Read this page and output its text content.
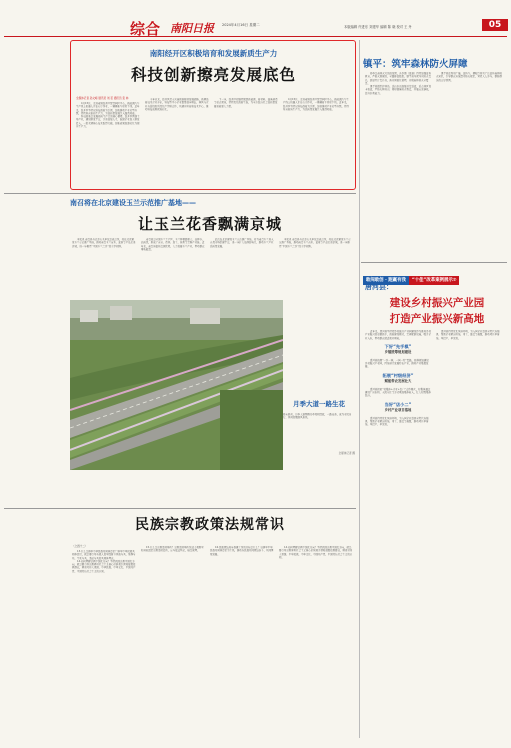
综合 南阳日报 2024年4月16日 星期二	本版编辑 许进东 刘建华 编辑 陈 晓 校对 王 丹	05
南阳经开区积极培育和发展新质生产力
科技创新擦亮发展底色
全媒体记者 孙文峰 通讯员 刘 若 通讯员 张 林

4月15日，走进南阳经开区智慧园区中心，新能源汽车生产线上机器人正在有序作业，一辆辆新车缓缓下线。近年来，经开区坚持以科技创新为引领，加快推动产业转型升级，持续培育新质生产力，为高质量发展注入强劲动能。

科技创新是发展新质生产力的核心要素。经开区围绕主导产业，建设研发平台，引进高端人才，鼓励企业加大研发投入，一批关键核心技术取得突破，创新成果加速转化为现实生产力。

今年以来，经开区深入实施创新驱动发展战略，新增高新技术企业多家，科技型中小企业数量稳步增长。园区内企业与高校院所深化产学研合作，共建实验室和技术中心，推动科技成果就地转化。

下一步，经开区将继续聚焦新能源、新材料、装备制造等重点领域，持续优化创新生态，为全市经济社会高质量发展贡献更大力量。

4月15日，走进南阳经开区智慧园区中心，新能源汽车生产线上机器人正在有序作业，一辆辆新车缓缓下线。近年来，经开区坚持以科技创新为引领，加快推动产业转型升级，持续培育新质生产力，为高质量发展注入强劲动能。

镇平：筑牢森林防火屏障

春季是森林火灾的高发期，各乡镇（街道）持续加强宣传教育，严格火源管控，全面排查隐患。镇平县压紧压实防火责任，层层签订责任书，落实网格化管理，实现森林防火全覆盖。

镇平县组织护林员、巡山队员加强日常巡查，重点林区设卡检查，严防火种进山；同时储备防火物资，开展应急演练，提升扑救能力。

镇平县还利用广播、宣传车、横幅等形式广泛宣传森林防火知识，引导群众自觉遵守防火规定，营造人人参与、群防群治的良好氛围。

南召将在北京建设玉兰示范推广基地——
让玉兰花香飘满京城

本报讯 南召县与北京有关单位达成合作，将在北京建设玉兰示范推广基地，推动南召玉兰苗木、盆景等产品走进京城，进一步擦亮“中国玉兰之乡”的金字招牌。

南召县是全国玉兰主产区，玉兰种植面积大、品种多、品质优，形成了育苗、造林、加工、销售等完整产业链。近年来，南召县依托资源优势，大力发展玉兰产业，带动群众增收致富。

此次在北京建设玉兰示范推广基地，将为南召玉兰进入首都市场搭建平台，进一步扩大品牌影响力，推动玉兰产业高质量发展。

本报讯 南召县与北京有关单位达成合作，将在北京建设玉兰示范推广基地，推动南召玉兰苗木、盆景等产品走进京城，进一步擦亮“中国玉兰之乡”的金字招牌。

月季大道一路生花
春末夏初，月季大道两侧月季竞相绽放，一路花香，成为市民出行、休闲的靓丽风景线。
全媒体记者 摄
民族宗教政策法规常识
（之四十二）

13.什么是铸牢中华民族共同体意识？铸牢中华民族共同体意识，就是要引导各族人民牢固树立休戚与共、荣辱与共、生死与共、命运与共的共同体理念。

14.如何理解宗教中国化方向？坚持我国宗教中国化方向，就是要引导宗教界用社会主义核心价值观引领和凝聚信教群众，增进对伟大祖国、中华民族、中华文化、中国共产党、中国特色社会主义的认同。

15.什么是宗教活动场所？宗教活动场所包括寺观教堂和其他固定宗教活动处所，应当依法登记，接受管理。

16.民族团结进步创建工作的目标是什么？以铸牢中华民族共同体意识为主线，推动各民族共同团结奋斗、共同繁荣发展。

14.如何理解宗教中国化方向？坚持我国宗教中国化方向，就是要引导宗教界用社会主义核心价值观引领和凝聚信教群众，增进对伟大祖国、中华民族、中华文化、中国共产党、中国特色社会主义的认同。

敢闯敢创 · 跑赢有我 “十佳”改革案例展示⑦
唐河县：
建设乡村振兴产业园
打造产业振兴新高地

近年来，唐河县坚持把乡村振兴产业园建设作为推进乡村产业振兴的重要抓手，创新建设模式，完善配套设施，吸引企业入驻，带动群众就近就业增收。

下好“先手棋”
乡镇统筹规划建设

唐河县按照“一乡一园、一园一特”思路，统筹规划建设乡村振兴产业园，因地制宜发展特色产业，推动产业集聚发展。

拓展“村级经济”
赋能带农发展壮大

唐河县探索“村集体+企业+农户”合作模式，村集体通过建设厂房出租、入股分红等方式增加集体收入，壮大村级集体经济。

当好“店小二”
乡村产业项目落地

唐河县持续优化营商环境，为入园企业提供全程代办服务，帮助企业解决用地、用工、融资等难题，推动项目早落地、早投产、早见效。

唐河县持续优化营商环境，为入园企业提供全程代办服务，帮助企业解决用地、用工、融资等难题，推动项目早落地、早投产、早见效。
